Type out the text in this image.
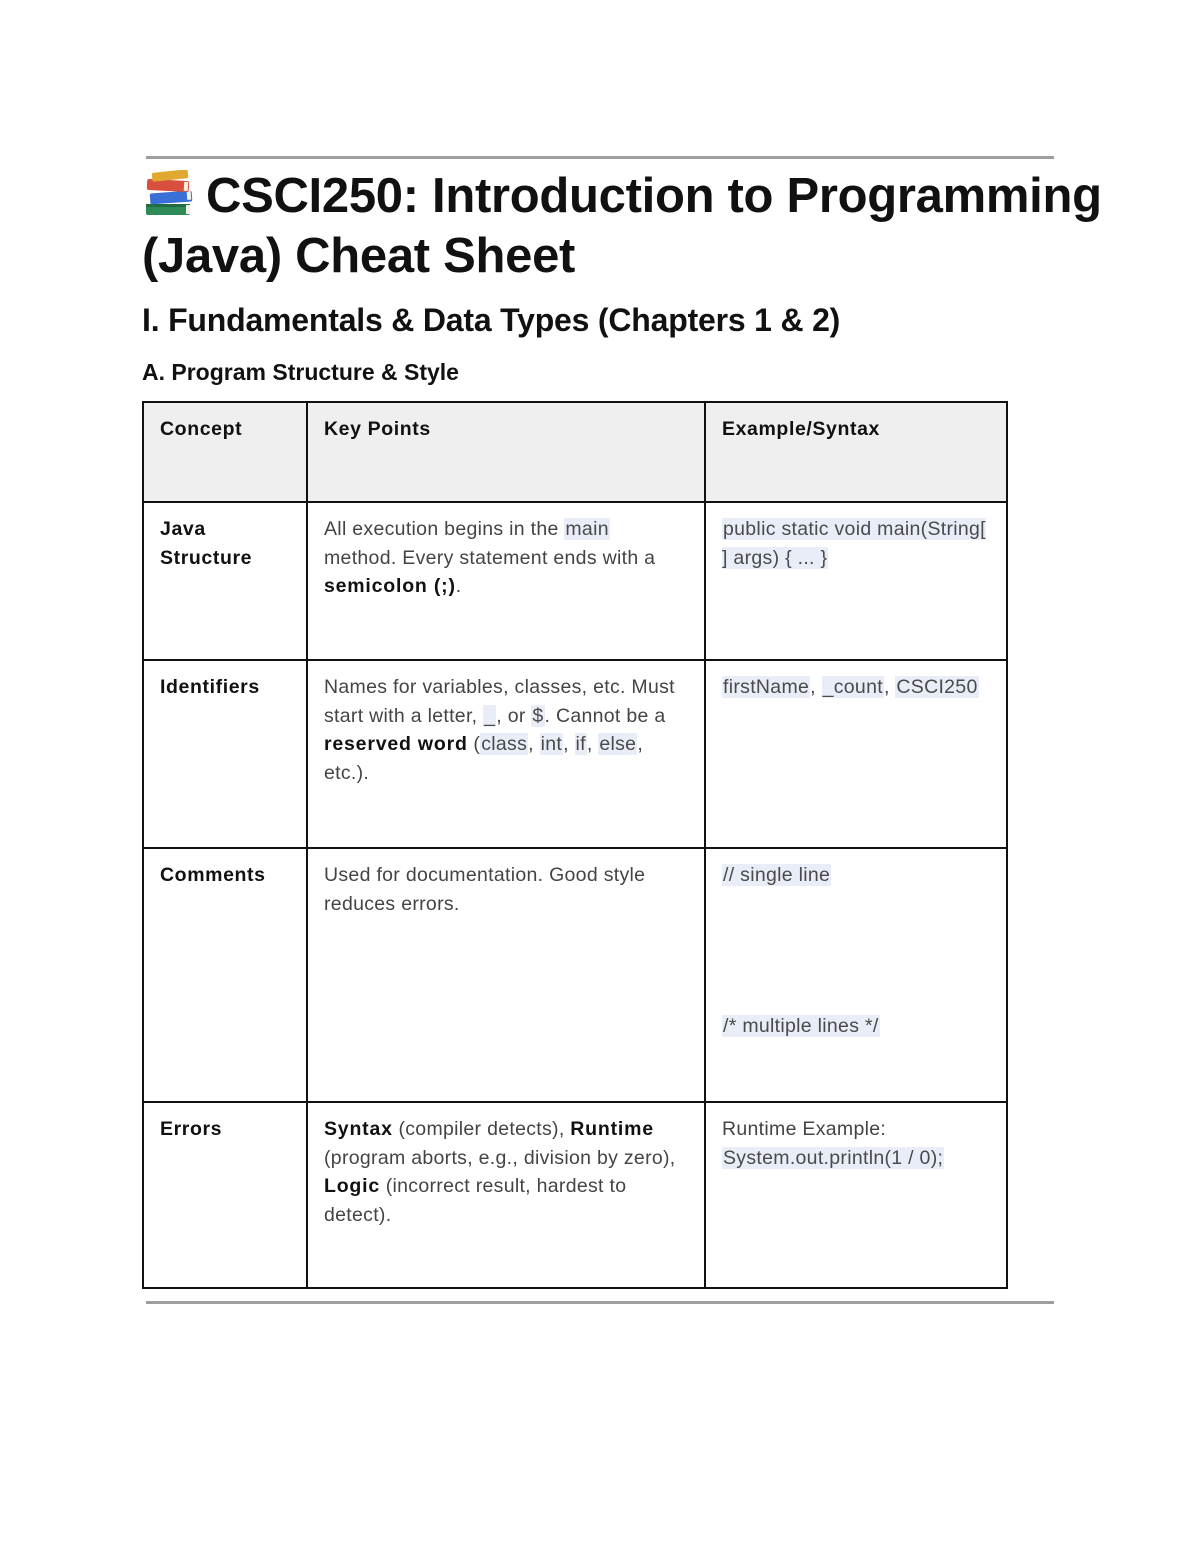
CSCI250: Introduction to Programming (Java) Cheat Sheet
I. Fundamentals & Data Types (Chapters 1 & 2)
A. Program Structure & Style
Concept	Key Points	Example/Syntax
Java Structure	All execution begins in the main method. Every statement ends with a semicolon (;).	public static void main(String[ ] args) { ... }
Identifiers	Names for variables, classes, etc. Must start with a letter, _, or $. Cannot be a reserved word (class, int, if, else, etc.).	firstName, _count, CSCI250
Comments	Used for documentation. Good style reduces errors.	// single line
/* multiple lines */
Errors	Syntax (compiler detects), Runtime (program aborts, e.g., division by zero), Logic (incorrect result, hardest to detect).	Runtime Example: System.out.println(1 / 0);
